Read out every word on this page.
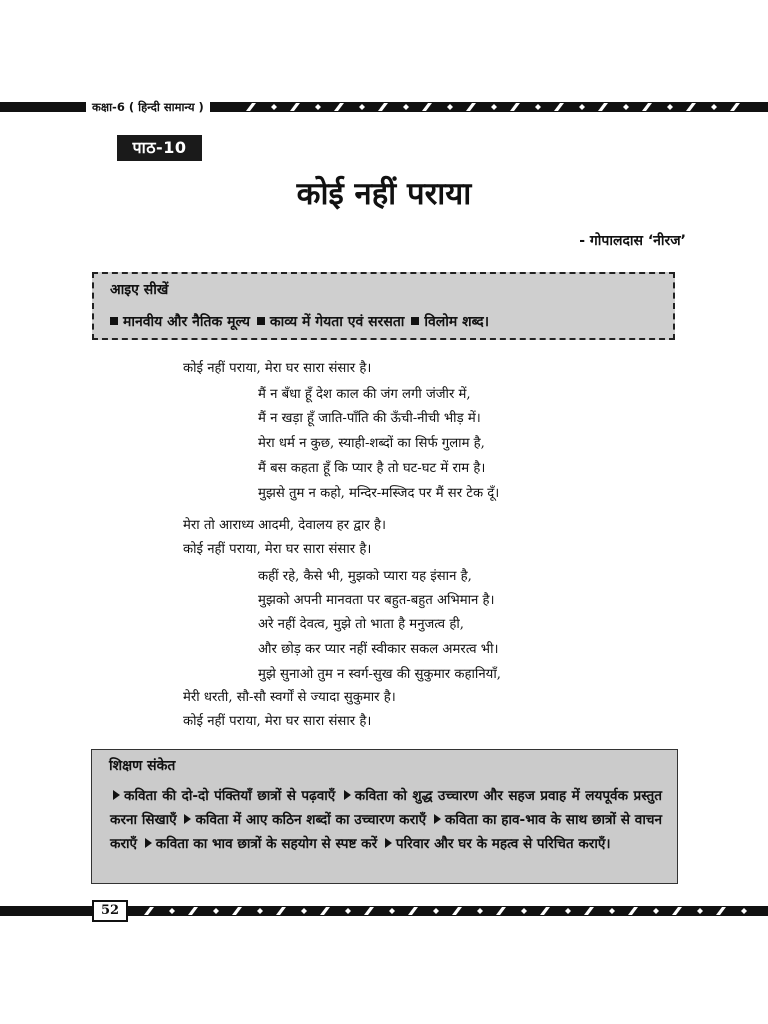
कक्षा-6 ( हिन्दी सामान्य )
पाठ-10
कोई नहीं पराया
- गोपालदास ‘नीरज’
आइए सीखें
मानवीय और नैतिक मूल्य काव्य में गेयता एवं सरसता विलोम शब्द।
कोई नहीं पराया, मेरा घर सारा संसार है।
मैं न बँधा हूँ देश काल की जंग लगी जंजीर में,
मैं न खड़ा हूँ जाति-पाँति की ऊँची-नीची भीड़ में।
मेरा धर्म न कुछ, स्याही-शब्दों का सिर्फ गुलाम है,
मैं बस कहता हूँ कि प्यार है तो घट-घट में राम है।
मुझसे तुम न कहो, मन्दिर-मस्जिद पर मैं सर टेक दूँ।
मेरा तो आराध्य आदमी, देवालय हर द्वार है।
कोई नहीं पराया, मेरा घर सारा संसार है।
कहीं रहे, कैसे भी, मुझको प्यारा यह इंसान है,
मुझको अपनी मानवता पर बहुत-बहुत अभिमान है।
अरे नहीं देवत्व, मुझे तो भाता है मनुजत्व ही,
और छोड़ कर प्यार नहीं स्वीकार सकल अमरत्व भी।
मुझे सुनाओ तुम न स्वर्ग-सुख की सुकुमार कहानियाँ,
मेरी धरती, सौ-सौ स्वर्गों से ज्यादा सुकुमार है।
कोई नहीं पराया, मेरा घर सारा संसार है।
शिक्षण संकेत
कविता की दो-दो पंक्तियाँ छात्रों से पढ़वाएँ कविता को शुद्ध उच्चारण और सहज प्रवाह में लयपूर्वक प्रस्तुत करना सिखाएँ कविता में आए कठिन शब्दों का उच्चारण कराएँ कविता का हाव-भाव के साथ छात्रों से वाचन कराएँ कविता का भाव छात्रों के सहयोग से स्पष्ट करें परिवार और घर के महत्व से परिचित कराएँ।
52
